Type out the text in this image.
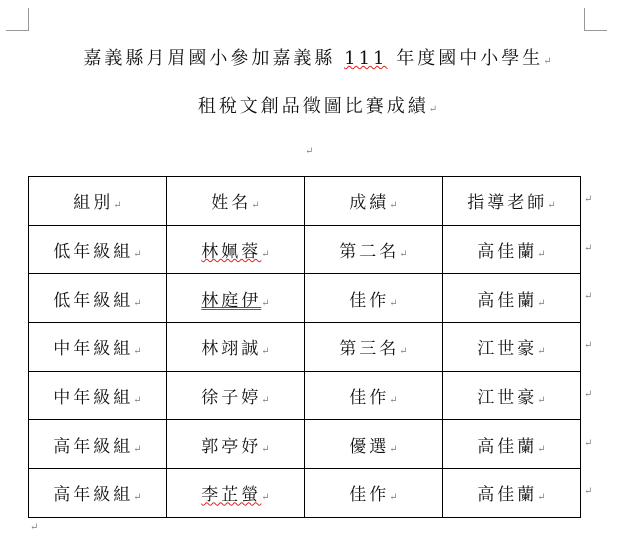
嘉義縣月眉國小參加嘉義縣 111 年度國中小學生↵
租稅文創品徵圖比賽成績↵
↵
組別↵	姓名↵	成績↵	指導老師↵
低年級組↵	林姵蓉↵	第二名↵	高佳蘭↵
低年級組↵	林庭伊↵	佳作↵	高佳蘭↵
中年級組↵	林翊誠↵	第三名↵	江世豪↵
中年級組↵	徐子婷↵	佳作↵	江世豪↵
高年級組↵	郭亭妤↵	優選↵	高佳蘭↵
高年級組↵	李芷螢↵	佳作↵	高佳蘭↵
↵
↵
↵
↵
↵
↵
↵
↵
